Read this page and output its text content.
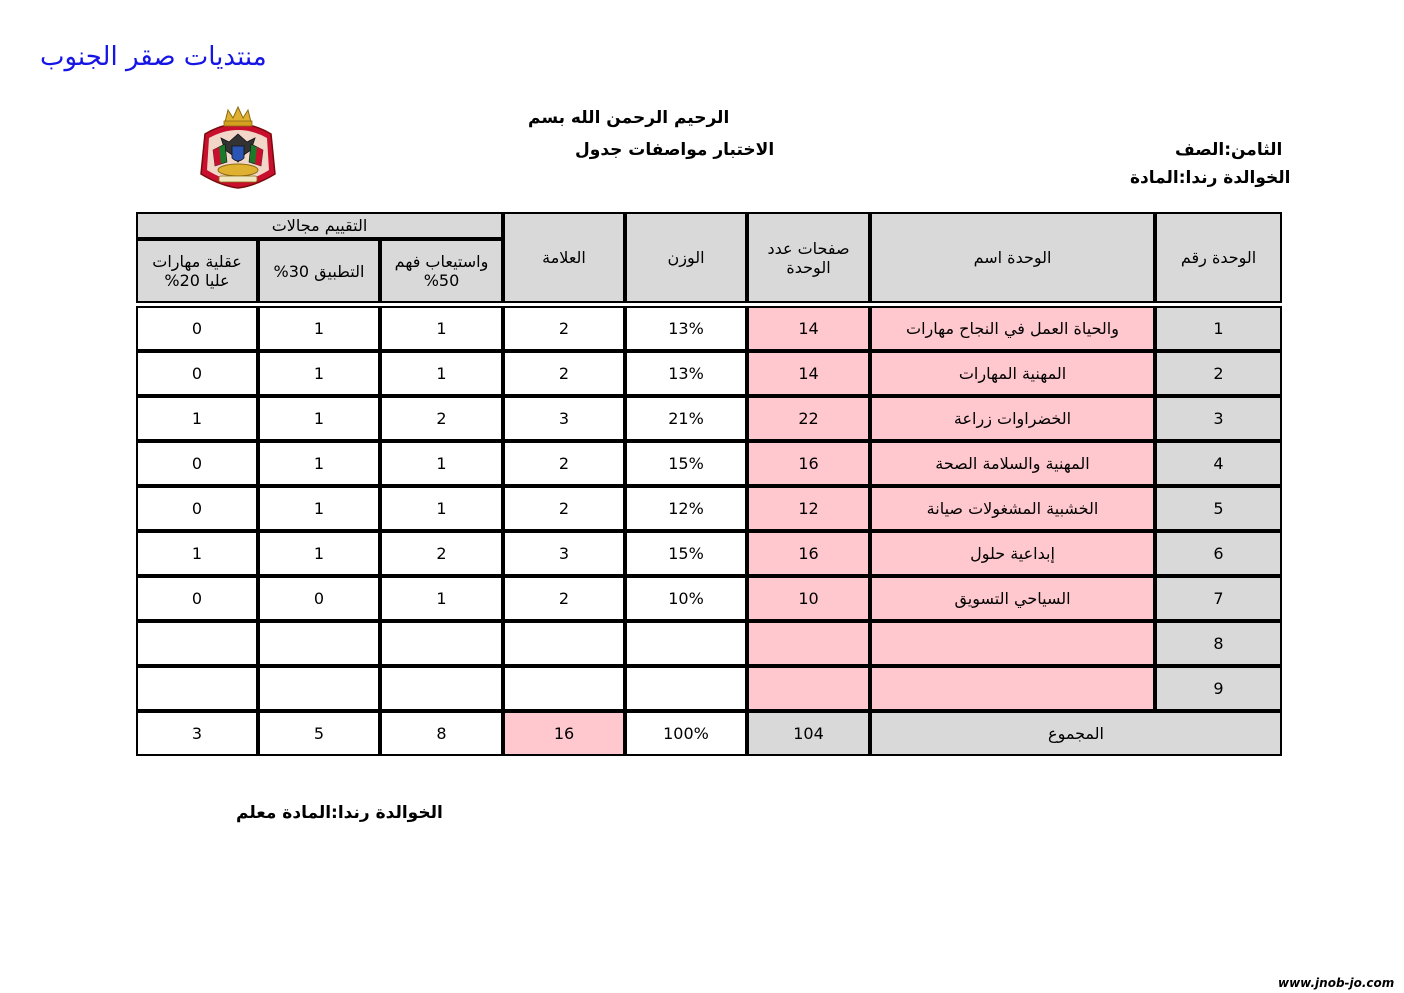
منتديات صقر الجنوب
الرحيم الرحمن الله بسم
الاختبار مواصفات جدول	الثامن:الصف
الخوالدة رندا:المادة
التقييم مجالات			العلامة	الوزن	صفحات عدد الوحدة	الوحدة اسم	الوحدة رقم
عقلية مهارات عليا 20%	التطبيق 30%	واستيعاب فهم 50%					
0	1	1	2	13%	14	والحياة العمل في النجاح مهارات	1
0	1	1	2	13%	14	المهنية المهارات	2
1	1	2	3	21%	22	الخضراوات زراعة	3
0	1	1	2	15%	16	المهنية والسلامة الصحة	4
0	1	1	2	12%	12	الخشبية المشغولات صيانة	5
1	1	2	3	15%	16	إبداعية حلول	6
0	0	1	2	10%	10	السياحي التسويق	7
							8
							9
3	5	8	16	100%	104	المجموع	
الخوالدة رندا:المادة معلم
www.jnob-jo.com
